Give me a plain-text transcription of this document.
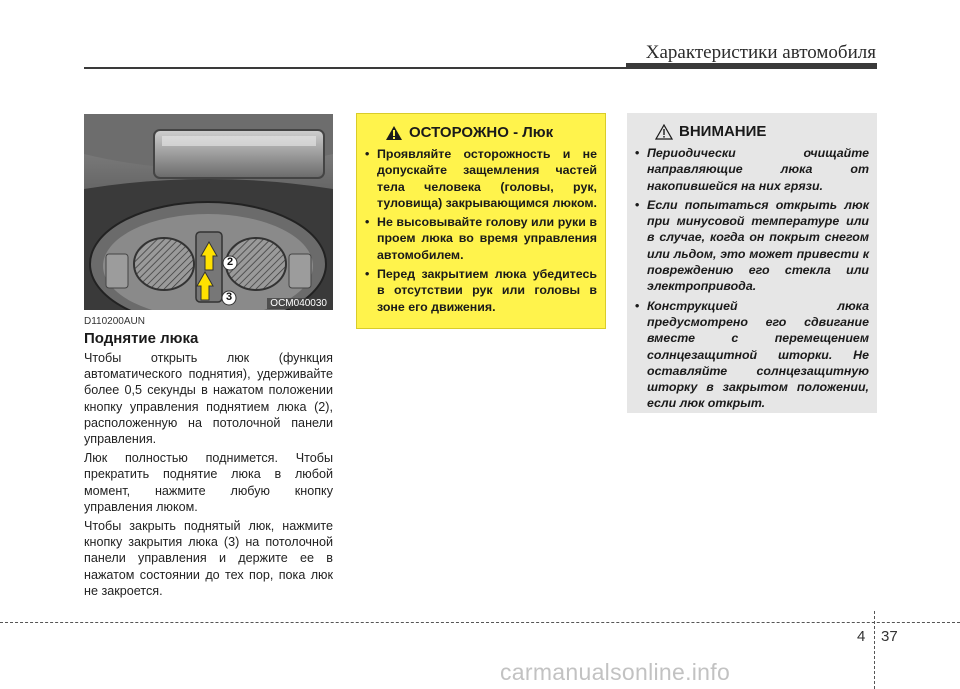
Характеристики автомобиля
2
3
OCM040030
D110200AUN
Поднятие люка

Чтобы открыть люк (функция автоматического поднятия), удерживайте более 0,5 секунды в нажатом положении кнопку управления поднятием люка (2), расположенную на потолочной панели управления.

Люк полностью поднимется. Чтобы прекратить поднятие люка в любой момент, нажмите любую кнопку управления люком.

Чтобы закрыть поднятый люк, нажмите кнопку закрытия люка (3) на потолочной панели управления и держите ее в нажатом состоянии до тех пор, пока люк не закроется.

ОСТОРОЖНО - Люк
• Проявляйте осторожность и не допускайте защемления частей тела человека (головы, рук, туловища) закрывающимся люком.
• Не высовывайте голову или руки в проем люка во время управления автомобилем.
• Перед закрытием люка убедитесь в отсутствии рук или головы в зоне его движения.
ВНИМАНИЕ
• Периодически очищайте направляющие люка от накопившейся на них грязи.
• Если попытаться открыть люк при минусовой температуре или в случае, когда он покрыт снегом или льдом, это может привести к повреждению его стекла или электропривода.
• Конструкцией люка предусмотрено его сдвигание вместе с перемещением солнцезащитной шторки. Не оставляйте солнцезащитную шторку в закрытом положении, если люк открыт.
4 37
carmanualsonline.info
